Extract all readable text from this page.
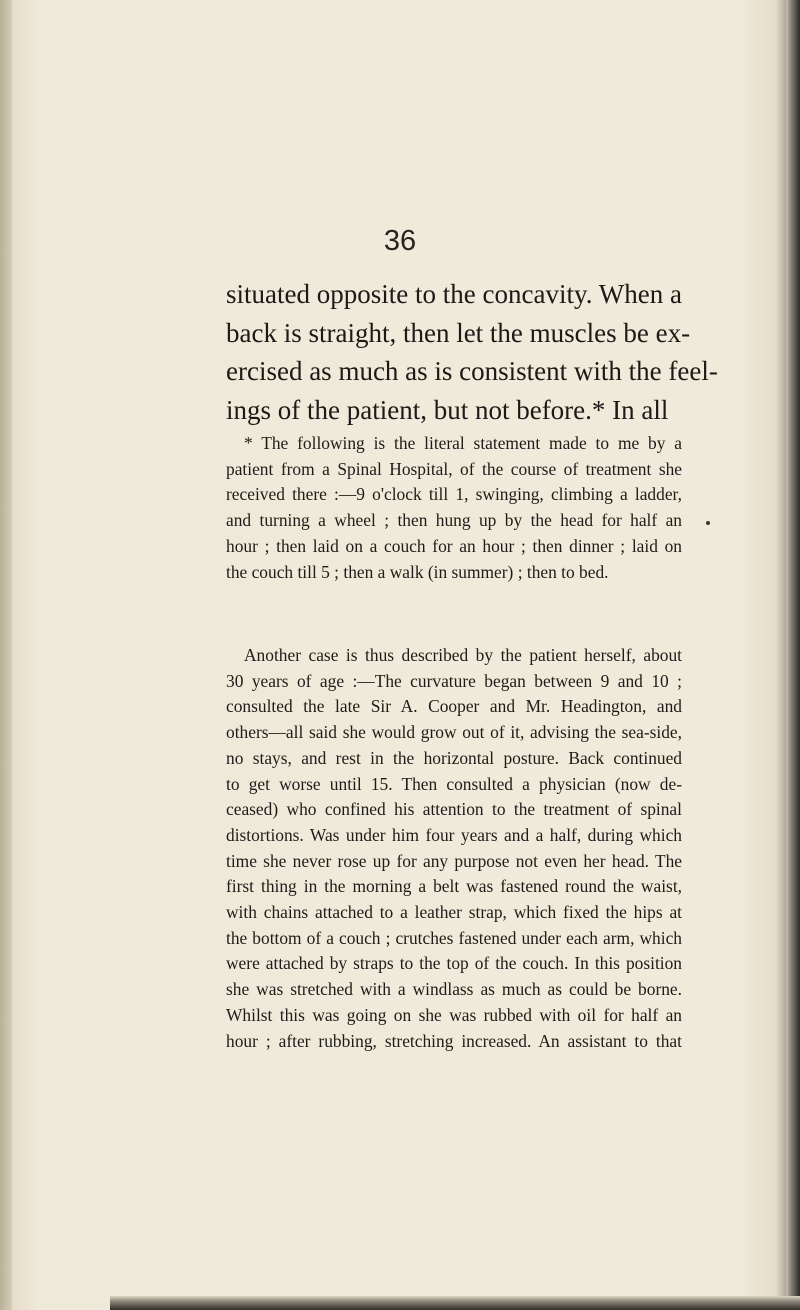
36

situated opposite to the concavity. When a
back is straight, then let the muscles be ex-
ercised as much as is consistent with the feel-
ings of the patient, but not before.* In all

* The following is the literal statement made to me by a
patient from a Spinal Hospital, of the course of treatment she
received there :—9 o'clock till 1, swinging, climbing a ladder,
and turning a wheel ; then hung up by the head for half an
hour ; then laid on a couch for an hour ; then dinner ; laid on
the couch till 5 ; then a walk (in summer) ; then to bed.

Another case is thus described by the patient herself, about
30 years of age :—The curvature began between 9 and 10 ;
consulted the late Sir A. Cooper and Mr. Headington, and
others—all said she would grow out of it, advising the sea-side,
no stays, and rest in the horizontal posture. Back continued
to get worse until 15. Then consulted a physician (now de-
ceased) who confined his attention to the treatment of spinal
distortions. Was under him four years and a half, during which
time she never rose up for any purpose not even her head. The
first thing in the morning a belt was fastened round the waist,
with chains attached to a leather strap, which fixed the hips at
the bottom of a couch ; crutches fastened under each arm, which
were attached by straps to the top of the couch. In this position
she was stretched with a windlass as much as could be borne.
Whilst this was going on she was rubbed with oil for half an
hour ; after rubbing, stretching increased. An assistant to that
